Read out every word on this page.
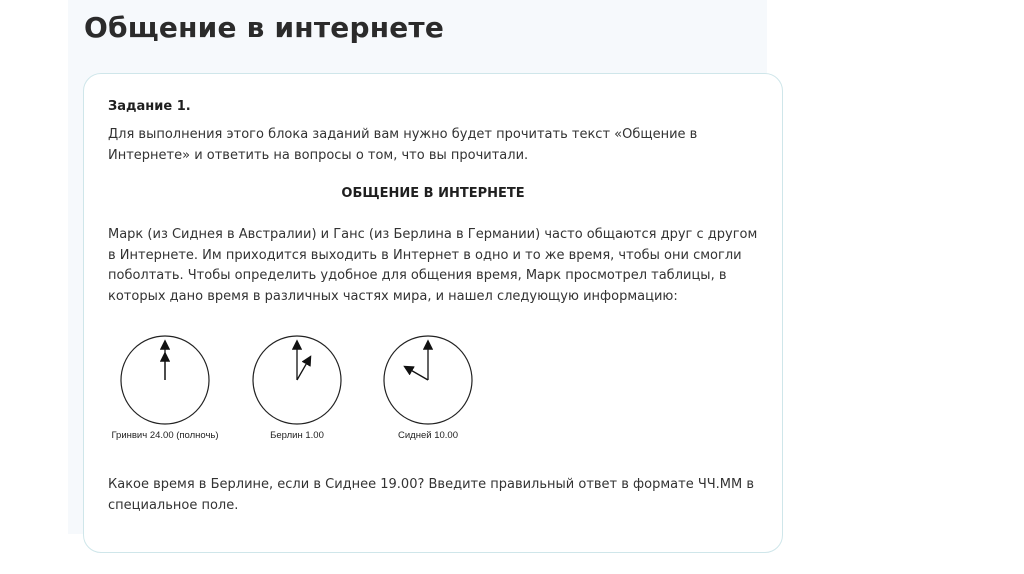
Общение в интернете
Задание 1.
Для выполнения этого блока заданий вам нужно будет прочитать текст «Общение в Интернете» и ответить на вопросы о том, что вы прочитали.
ОБЩЕНИЕ В ИНТЕРНЕТЕ
Марк (из Сиднея в Австралии) и Ганс (из Берлина в Германии) часто общаются друг с другом в Интернете. Им приходится выходить в Интернет в одно и то же время, чтобы они смогли поболтать. Чтобы определить удобное для общения время, Марк просмотрел таблицы, в которых дано время в различных частях мира, и нашел следующую информацию:
Гринвич 24.00 (полночь)	Берлин 1.00	Сидней 10.00
Какое время в Берлине, если в Сиднее 19.00? Введите правильный ответ в формате ЧЧ.ММ в специальное поле.
